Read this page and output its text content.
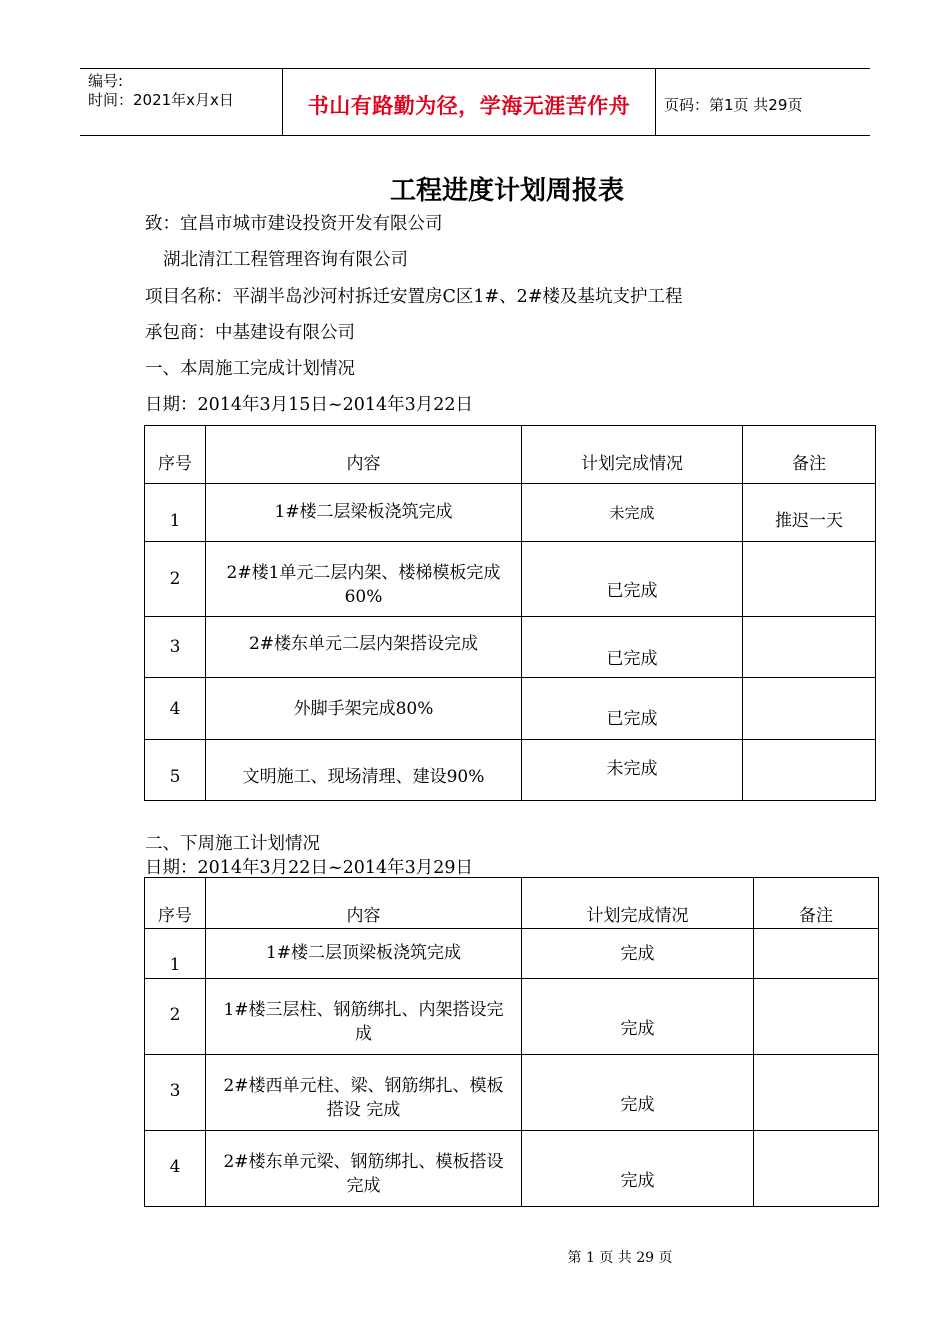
编号:
时间：2021年x月x日	书山有路勤为径，学海无涯苦作舟	页码：第1页 共29页
工程进度计划周报表
致：宜昌市城市建设投资开发有限公司
湖北清江工程管理咨询有限公司
项目名称：平湖半岛沙河村拆迁安置房C区1#、2#楼及基坑支护工程
承包商：中基建设有限公司
一、本周施工完成计划情况
日期：2014年3月15日~2014年3月22日
序号	内容	计划完成情况	备注
1	1#楼二层梁板浇筑完成	未完成	推迟一天
2	2#楼1单元二层内架、楼梯模板完成60%	已完成	
3	2#楼东单元二层内架搭设完成	已完成	
4	外脚手架完成80%	已完成	
5	文明施工、现场清理、建设90%	未完成	
二、下周施工计划情况
日期：2014年3月22日~2014年3月29日
序号	内容	计划完成情况	备注
1	1#楼二层顶梁板浇筑完成	完成	
2	1#楼三层柱、钢筋绑扎、内架搭设完成	完成	
3	2#楼西单元柱、梁、钢筋绑扎、模板搭设 完成	完成	
4	2#楼东单元梁、钢筋绑扎、模板搭设完成	完成	
第 1 页 共 29 页
